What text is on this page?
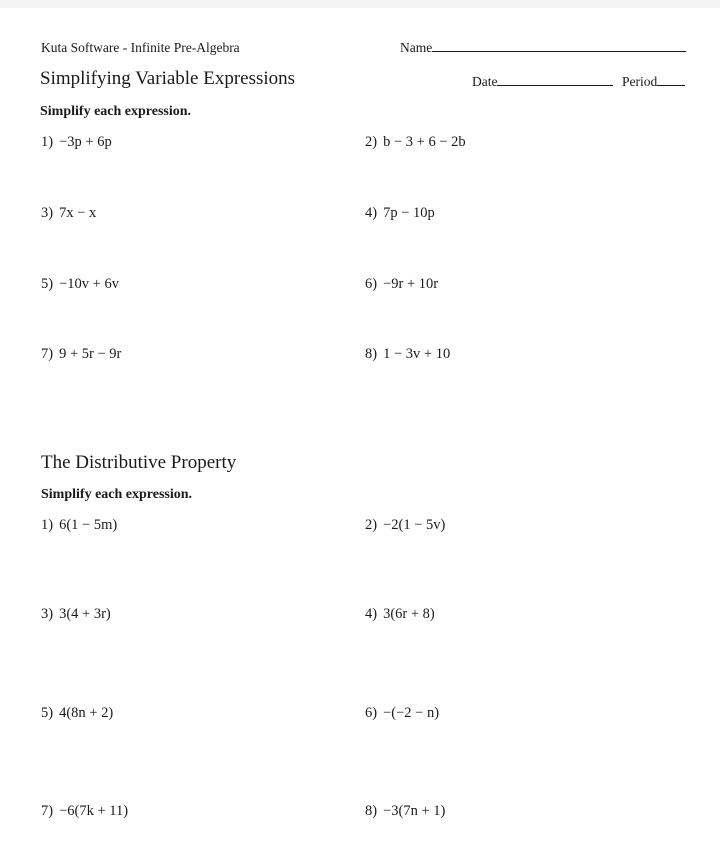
Kuta Software - Infinite Pre-Algebra	Name
Date	Period
Simplifying Variable Expressions
Simplify each expression.
1) −3p + 6p	2) b − 3 + 6 − 2b
3) 7x − x	4) 7p − 10p
5) −10v + 6v	6) −9r + 10r
7) 9 + 5r − 9r	8) 1 − 3v + 10
The Distributive Property
Simplify each expression.
1) 6(1 − 5m)	2) −2(1 − 5v)
3) 3(4 + 3r)	4) 3(6r + 8)
5) 4(8n + 2)	6) −(−2 − n)
7) −6(7k + 11)	8) −3(7n + 1)
